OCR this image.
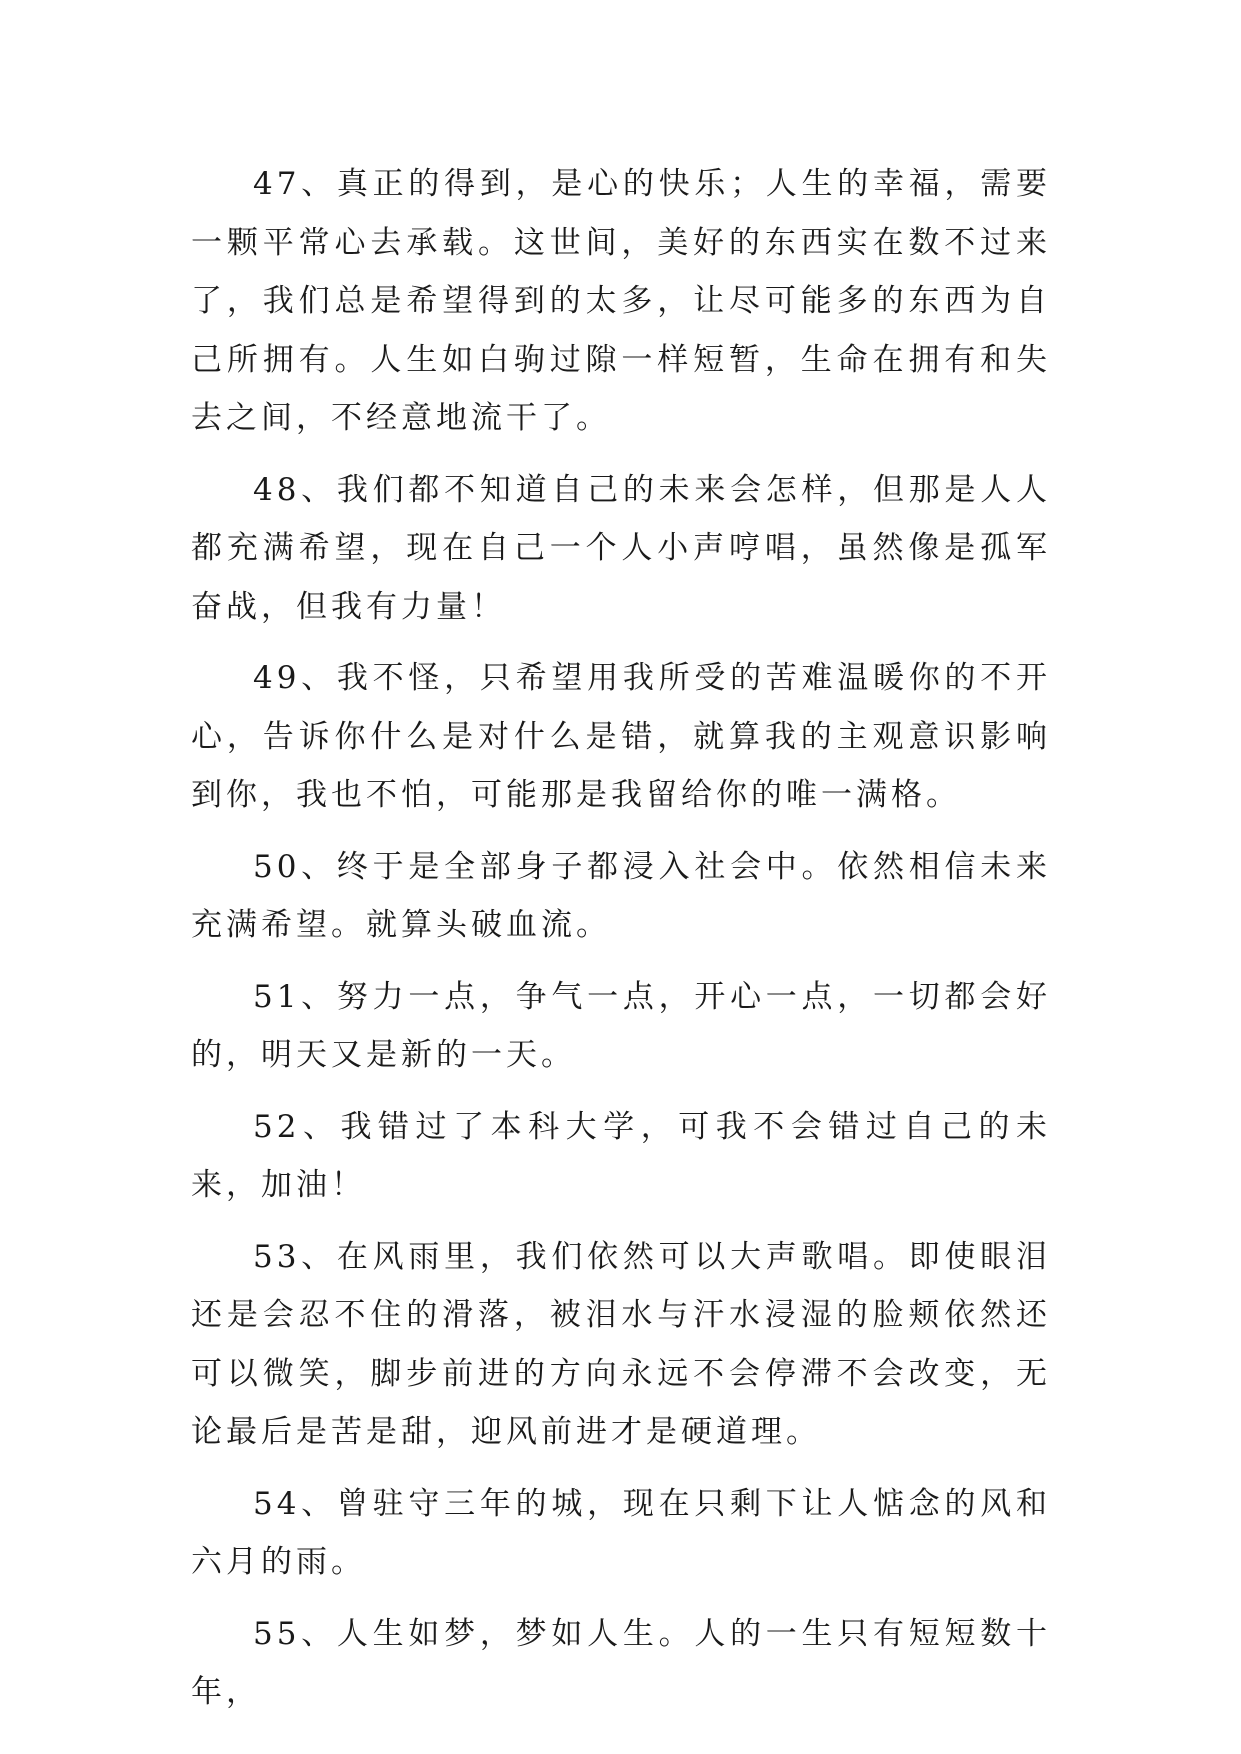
47、真正的得到，是心的快乐；人生的幸福，需要一颗平常心去承载。这世间，美好的东西实在数不过来了，我们总是希望得到的太多，让尽可能多的东西为自己所拥有。人生如白驹过隙一样短暂，生命在拥有和失去之间，不经意地流干了。

48、我们都不知道自己的未来会怎样，但那是人人都充满希望，现在自己一个人小声哼唱，虽然像是孤军奋战，但我有力量！

49、我不怪，只希望用我所受的苦难温暖你的不开心，告诉你什么是对什么是错，就算我的主观意识影响到你，我也不怕，可能那是我留给你的唯一满格。

50、终于是全部身子都浸入社会中。依然相信未来充满希望。就算头破血流。

51、努力一点，争气一点，开心一点，一切都会好的，明天又是新的一天。

52、我错过了本科大学，可我不会错过自己的未来，加油！

53、在风雨里，我们依然可以大声歌唱。即使眼泪还是会忍不住的滑落，被泪水与汗水浸湿的脸颊依然还可以微笑，脚步前进的方向永远不会停滞不会改变，无论最后是苦是甜，迎风前进才是硬道理。

54、曾驻守三年的城，现在只剩下让人惦念的风和六月的雨。

55、人生如梦，梦如人生。人的一生只有短短数十年，
